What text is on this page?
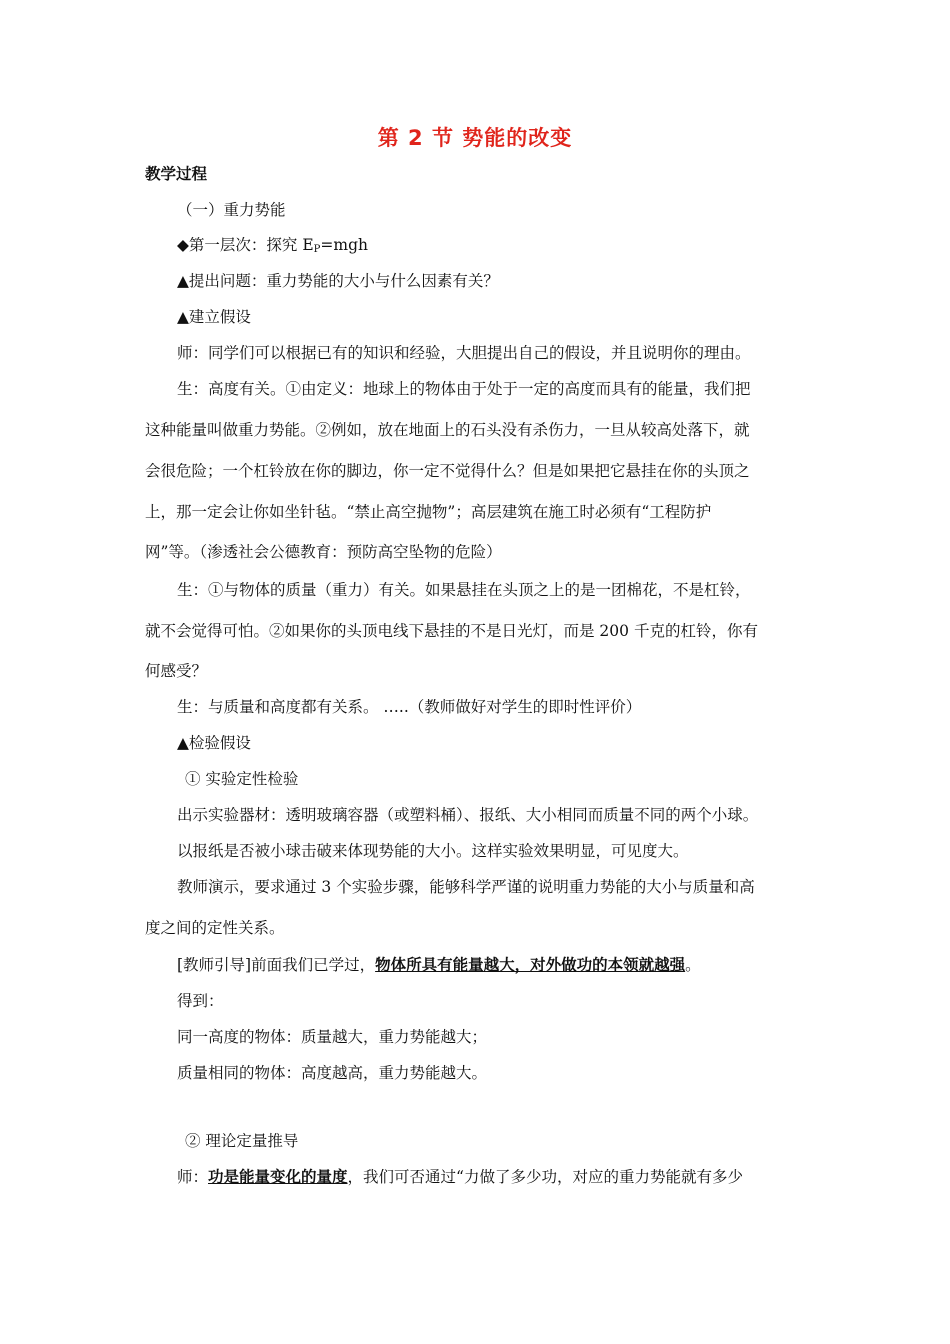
第 2 节 势能的改变
教学过程
（一）重力势能
◆第一层次：探究 $E_P=mgh$
▲提出问题：重力势能的大小与什么因素有关？
▲建立假设
师：同学们可以根据已有的知识和经验，大胆提出自己的假设，并且说明你的理由。
生：高度有关。①由定义：地球上的物体由于处于一定的高度而具有的能量，我们把
这种能量叫做重力势能。②例如，放在地面上的石头没有杀伤力，一旦从较高处落下，就
会很危险；一个杠铃放在你的脚边，你一定不觉得什么？但是如果把它悬挂在你的头顶之
上，那一定会让你如坐针毡。“禁止高空抛物”；高层建筑在施工时必须有“工程防护
网”等。（渗透社会公德教育：预防高空坠物的危险）
生：①与物体的质量（重力）有关。如果悬挂在头顶之上的是一团棉花，不是杠铃，
就不会觉得可怕。②如果你的头顶电线下悬挂的不是日光灯，而是 200 千克的杠铃，你有
何感受？
生：与质量和高度都有关系。 …..（教师做好对学生的即时性评价）
▲检验假设
① 实验定性检验
出示实验器材：透明玻璃容器（或塑料桶）、报纸、大小相同而质量不同的两个小球。
以报纸是否被小球击破来体现势能的大小。这样实验效果明显，可见度大。
教师演示，要求通过 3 个实验步骤，能够科学严谨的说明重力势能的大小与质量和高
度之间的定性关系。
[教师引导]前面我们已学过，物体所具有能量越大，对外做功的本领就越强。
得到：
同一高度的物体：质量越大，重力势能越大；
质量相同的物体：高度越高，重力势能越大。
② 理论定量推导
师：功是能量变化的量度，我们可否通过“力做了多少功，对应的重力势能就有多少
